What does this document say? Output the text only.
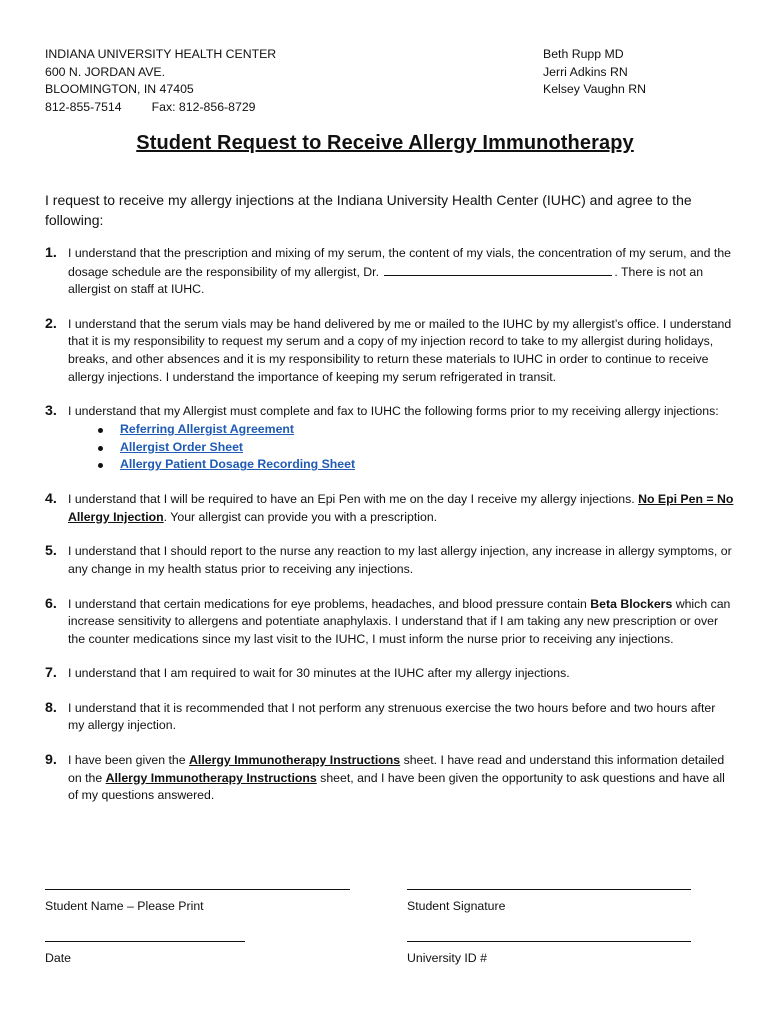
INDIANA UNIVERSITY HEALTH CENTER
600 N. JORDAN AVE.
BLOOMINGTON, IN 47405
812-855-7514 Fax: 812-856-8729
Beth Rupp MD
Jerri Adkins RN
Kelsey Vaughn RN
Student Request to Receive Allergy Immunotherapy
I request to receive my allergy injections at the Indiana University Health Center (IUHC) and agree to the following:
1. I understand that the prescription and mixing of my serum, the content of my vials, the concentration of my serum, and the dosage schedule are the responsibility of my allergist, Dr.	. There is not an allergist on staff at IUHC.
2. I understand that the serum vials may be hand delivered by me or mailed to the IUHC by my allergist’s office. I understand that it is my responsibility to request my serum and a copy of my injection record to take to my allergist during holidays, breaks, and other absences and it is my responsibility to return these materials to IUHC in order to continue to receive allergy injections. I understand the importance of keeping my serum refrigerated in transit.
3. I understand that my Allergist must complete and fax to IUHC the following forms prior to my receiving allergy injections:
Referring Allergist Agreement
Allergist Order Sheet
Allergy Patient Dosage Recording Sheet
4. I understand that I will be required to have an Epi Pen with me on the day I receive my allergy injections. No Epi Pen = No Allergy Injection. Your allergist can provide you with a prescription.
5. I understand that I should report to the nurse any reaction to my last allergy injection, any increase in allergy symptoms, or any change in my health status prior to receiving any injections.
6. I understand that certain medications for eye problems, headaches, and blood pressure contain Beta Blockers which can increase sensitivity to allergens and potentiate anaphylaxis. I understand that if I am taking any new prescription or over the counter medications since my last visit to the IUHC, I must inform the nurse prior to receiving any injections.
7. I understand that I am required to wait for 30 minutes at the IUHC after my allergy injections.
8. I understand that it is recommended that I not perform any strenuous exercise the two hours before and two hours after my allergy injection.
9. I have been given the Allergy Immunotherapy Instructions sheet. I have read and understand this information detailed on the Allergy Immunotherapy Instructions sheet, and I have been given the opportunity to ask questions and have all of my questions answered.
Student Name – Please Print	Student Signature
Date	University ID #
